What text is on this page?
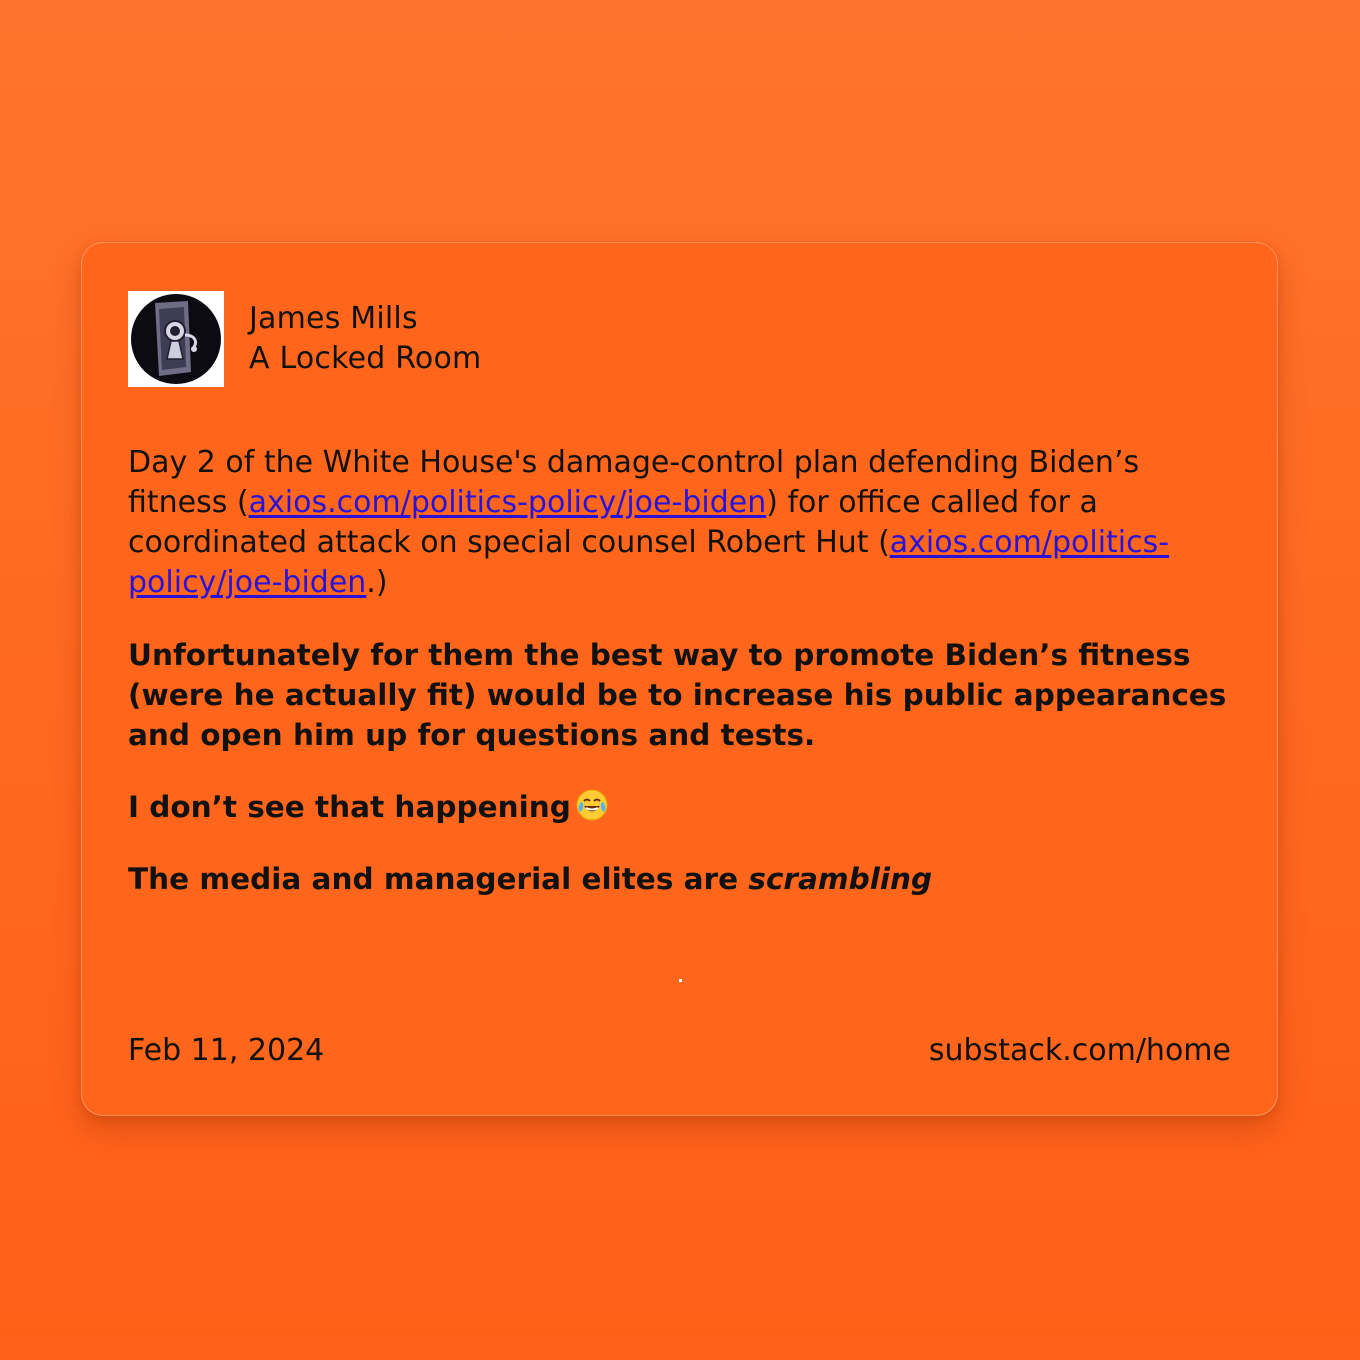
James Mills
A Locked Room

Day 2 of the White House's damage-control plan defending Biden’s fitness (axios.com/politics-policy/joe-biden) for office called for a coordinated attack on special counsel Robert Hut (axios.com/politics-policy/joe-biden.)

Unfortunately for them the best way to promote Biden’s fitness (were he actually fit) would be to increase his public appearances and open him up for questions and tests.

I don’t see that happening

The media and managerial elites are scrambling

Feb 11, 2024	substack.com/home
